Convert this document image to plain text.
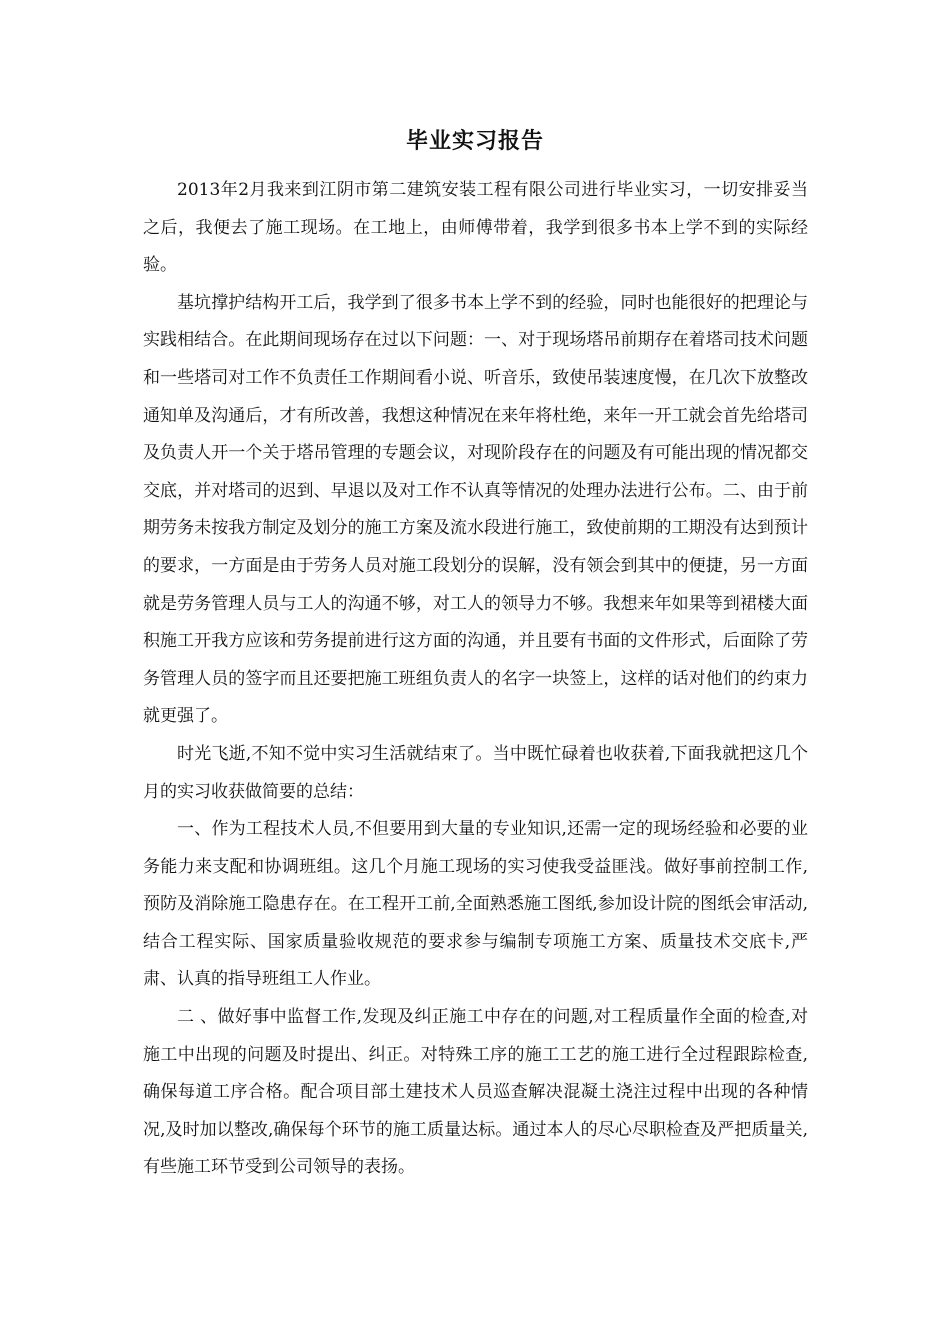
毕业实习报告

2013年2月我来到江阴市第二建筑安装工程有限公司进行毕业实习，一切安排妥当之后，我便去了施工现场。在工地上，由师傅带着，我学到很多书本上学不到的实际经验。

基坑撑护结构开工后，我学到了很多书本上学不到的经验，同时也能很好的把理论与实践相结合。在此期间现场存在过以下问题：一、对于现场塔吊前期存在着塔司技术问题和一些塔司对工作不负责任工作期间看小说、听音乐，致使吊装速度慢，在几次下放整改通知单及沟通后，才有所改善，我想这种情况在来年将杜绝，来年一开工就会首先给塔司及负责人开一个关于塔吊管理的专题会议，对现阶段存在的问题及有可能出现的情况都交交底，并对塔司的迟到、早退以及对工作不认真等情况的处理办法进行公布。二、由于前期劳务未按我方制定及划分的施工方案及流水段进行施工，致使前期的工期没有达到预计的要求，一方面是由于劳务人员对施工段划分的误解，没有领会到其中的便捷，另一方面就是劳务管理人员与工人的沟通不够，对工人的领导力不够。我想来年如果等到裙楼大面积施工开我方应该和劳务提前进行这方面的沟通，并且要有书面的文件形式，后面除了劳务管理人员的签字而且还要把施工班组负责人的名字一块签上，这样的话对他们的约束力就更强了。

时光飞逝,不知不觉中实习生活就结束了。当中既忙碌着也收获着,下面我就把这几个月的实习收获做简要的总结：

一、作为工程技术人员,不但要用到大量的专业知识,还需一定的现场经验和必要的业务能力来支配和协调班组。这几个月施工现场的实习使我受益匪浅。做好事前控制工作,预防及消除施工隐患存在。在工程开工前,全面熟悉施工图纸,参加设计院的图纸会审活动,结合工程实际、国家质量验收规范的要求参与编制专项施工方案、质量技术交底卡,严肃、认真的指导班组工人作业。

二 、做好事中监督工作,发现及纠正施工中存在的问题,对工程质量作全面的检查,对施工中出现的问题及时提出、纠正。对特殊工序的施工工艺的施工进行全过程跟踪检查,确保每道工序合格。配合项目部土建技术人员巡查解决混凝土浇注过程中出现的各种情况,及时加以整改,确保每个环节的施工质量达标。通过本人的尽心尽职检查及严把质量关,有些施工环节受到公司领导的表扬。
